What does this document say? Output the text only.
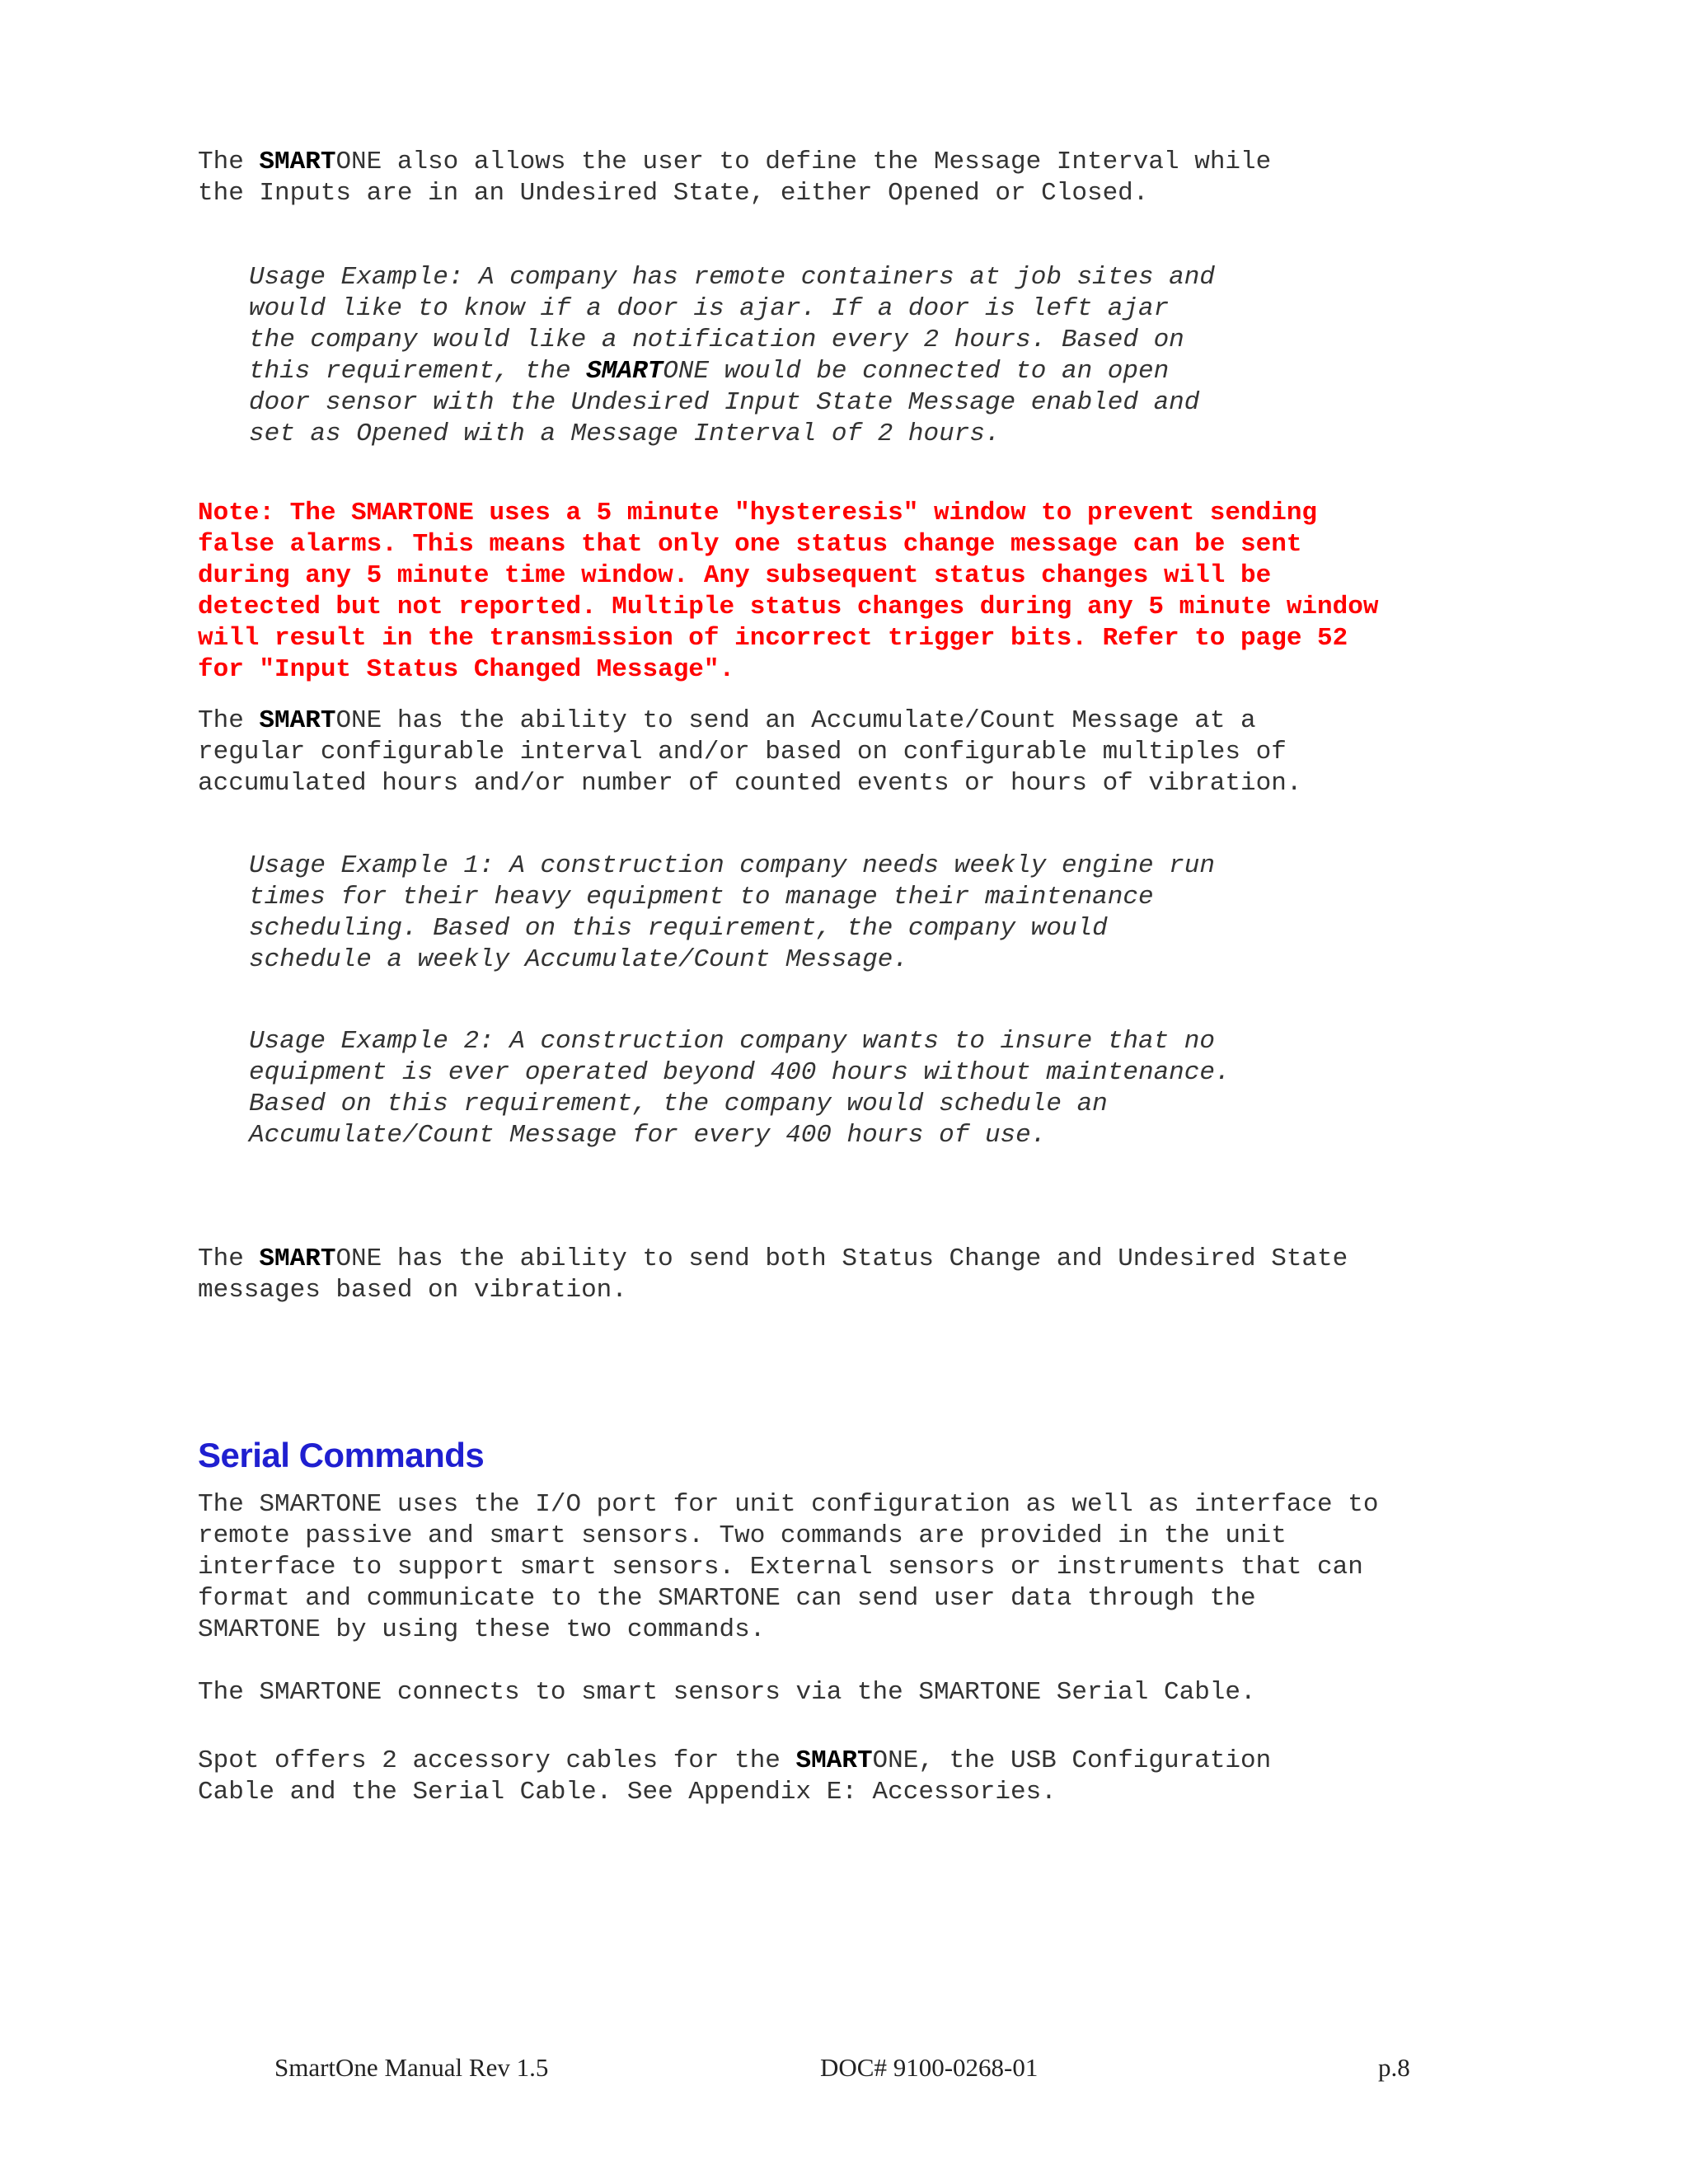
The SMARTONE also allows the user to define the Message Interval while
the Inputs are in an Undesired State, either Opened or Closed.

Usage Example: A company has remote containers at job sites and
would like to know if a door is ajar. If a door is left ajar
the company would like a notification every 2 hours. Based on
this requirement, the SMARTONE would be connected to an open
door sensor with the Undesired Input State Message enabled and
set as Opened with a Message Interval of 2 hours.

Note: The SMARTONE uses a 5 minute "hysteresis" window to prevent sending
false alarms. This means that only one status change message can be sent
during any 5 minute time window. Any subsequent status changes will be
detected but not reported. Multiple status changes during any 5 minute window
will result in the transmission of incorrect trigger bits. Refer to page 52
for "Input Status Changed Message".

The SMARTONE has the ability to send an Accumulate/Count Message at a
regular configurable interval and/or based on configurable multiples of
accumulated hours and/or number of counted events or hours of vibration.

Usage Example 1: A construction company needs weekly engine run
times for their heavy equipment to manage their maintenance
scheduling. Based on this requirement, the company would
schedule a weekly Accumulate/Count Message.

Usage Example 2: A construction company wants to insure that no
equipment is ever operated beyond 400 hours without maintenance.
Based on this requirement, the company would schedule an
Accumulate/Count Message for every 400 hours of use.

The SMARTONE has the ability to send both Status Change and Undesired State
messages based on vibration.

Serial Commands

The SMARTONE uses the I/O port for unit configuration as well as interface to
remote passive and smart sensors. Two commands are provided in the unit
interface to support smart sensors. External sensors or instruments that can
format and communicate to the SMARTONE can send user data through the
SMARTONE by using these two commands.

The SMARTONE connects to smart sensors via the SMARTONE Serial Cable.

Spot offers 2 accessory cables for the SMARTONE, the USB Configuration
Cable and the Serial Cable. See Appendix E: Accessories.

SmartOne Manual Rev 1.5	DOC# 9100-0268-01	p.8
